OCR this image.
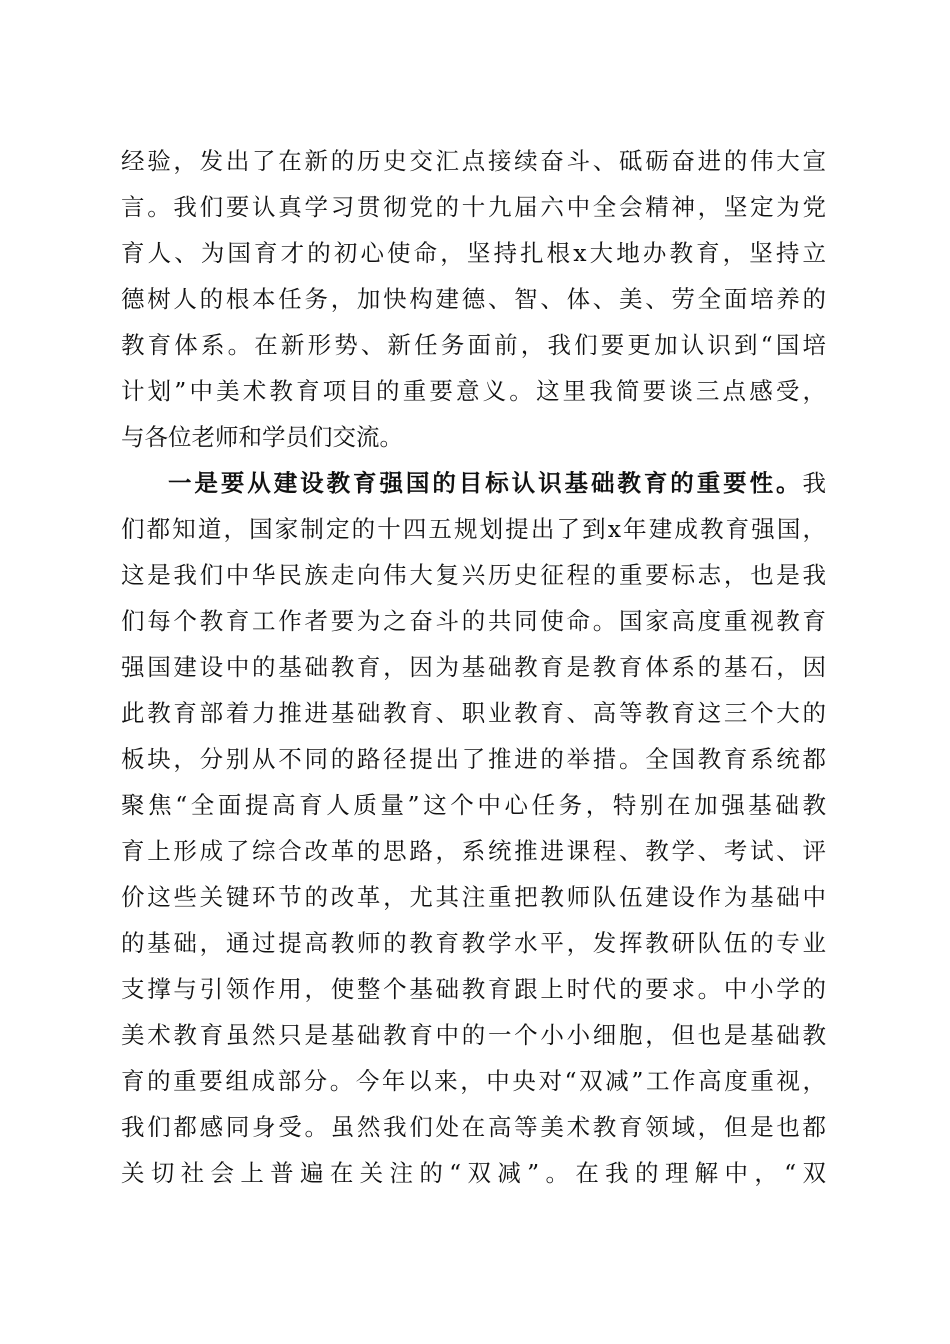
经验，发出了在新的历史交汇点接续奋斗、砥砺奋进的伟大宣
言。我们要认真学习贯彻党的十九届六中全会精神，坚定为党
育人、为国育才的初心使命，坚持扎根x大地办教育，坚持立
德树人的根本任务，加快构建德、智、体、美、劳全面培养的
教育体系。在新形势、新任务面前，我们要更加认识到“国培
计划”中美术教育项目的重要意义。这里我简要谈三点感受，
与各位老师和学员们交流。
一是要从建设教育强国的目标认识基础教育的重要性。我
们都知道，国家制定的十四五规划提出了到x年建成教育强国，
这是我们中华民族走向伟大复兴历史征程的重要标志，也是我
们每个教育工作者要为之奋斗的共同使命。国家高度重视教育
强国建设中的基础教育，因为基础教育是教育体系的基石，因
此教育部着力推进基础教育、职业教育、高等教育这三个大的
板块，分别从不同的路径提出了推进的举措。全国教育系统都
聚焦“全面提高育人质量”这个中心任务，特别在加强基础教
育上形成了综合改革的思路，系统推进课程、教学、考试、评
价这些关键环节的改革，尤其注重把教师队伍建设作为基础中
的基础，通过提高教师的教育教学水平，发挥教研队伍的专业
支撑与引领作用，使整个基础教育跟上时代的要求。中小学的
美术教育虽然只是基础教育中的一个小小细胞，但也是基础教
育的重要组成部分。今年以来，中央对“双减”工作高度重视，
我们都感同身受。虽然我们处在高等美术教育领域，但是也都
关切社会上普遍在关注的“双减”。在我的理解中，“双
